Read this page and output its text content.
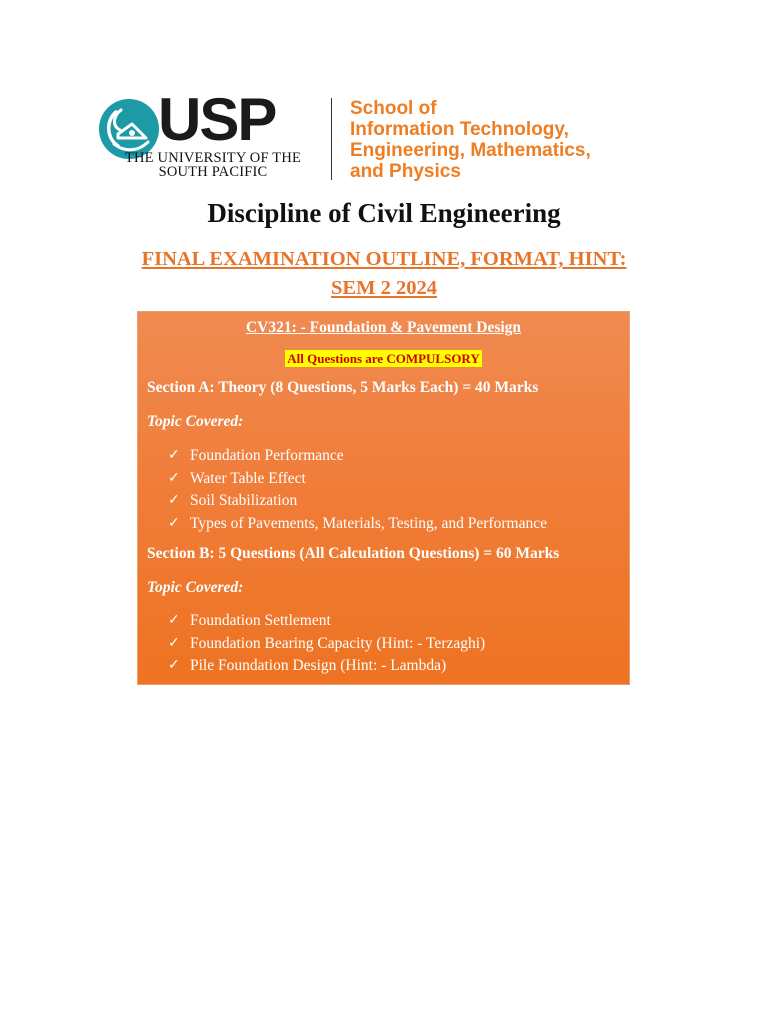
USP
THE UNIVERSITY OF THE
SOUTH PACIFIC
School of
Information Technology,
Engineering, Mathematics,
and Physics
Discipline of Civil Engineering
FINAL EXAMINATION OUTLINE, FORMAT, HINT:
SEM 2 2024
CV321: - Foundation & Pavement Design
All Questions are COMPULSORY
Section A: Theory (8 Questions, 5 Marks Each) = 40 Marks
Topic Covered:
✓ Foundation Performance
✓ Water Table Effect
✓ Soil Stabilization
✓ Types of Pavements, Materials, Testing, and Performance
Section B: 5 Questions (All Calculation Questions) = 60 Marks
Topic Covered:
✓ Foundation Settlement
✓ Foundation Bearing Capacity (Hint: - Terzaghi)
✓ Pile Foundation Design (Hint: - Lambda)
